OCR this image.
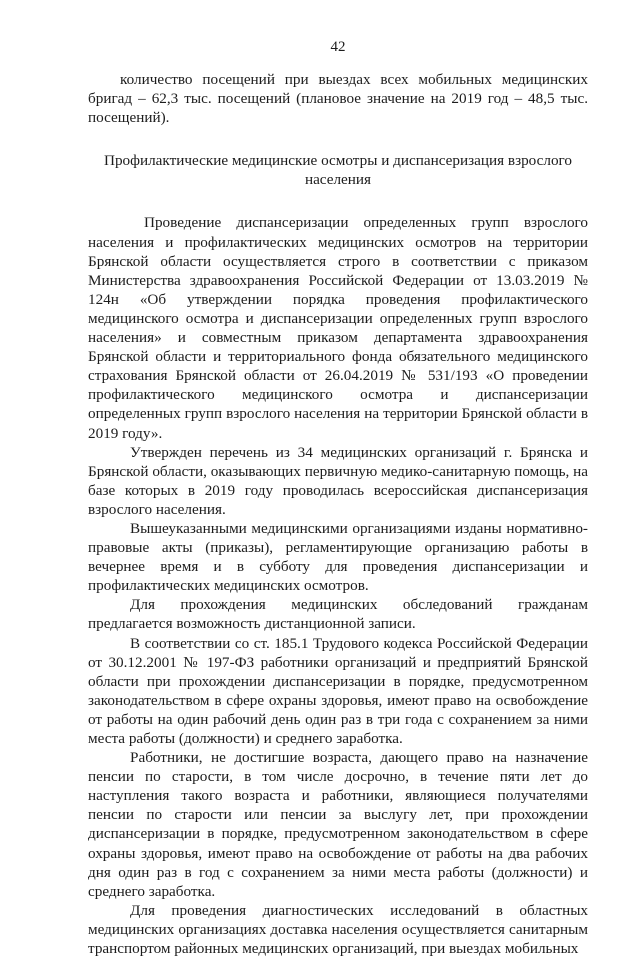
42

количество посещений при выездах всех мобильных медицинских бригад – 62,3 тыс. посещений (плановое значение на 2019 год – 48,5 тыс. посещений).

Профилактические медицинские осмотры и диспансеризация взрослого населения

Проведение диспансеризации определенных групп взрослого населения и профилактических медицинских осмотров на территории Брянской области осуществляется строго в соответствии с приказом Министерства здравоохранения Российской Федерации от 13.03.2019 № 124н «Об утверждении порядка проведения профилактического медицинского осмотра и диспансеризации определенных групп взрослого населения» и совместным приказом департамента здравоохранения Брянской области и территориального фонда обязательного медицинского страхования Брянской области от 26.04.2019 № 531/193 «О проведении профилактического медицинского осмотра и диспансеризации определенных групп взрослого населения на территории Брянской области в 2019 году».

Утвержден перечень из 34 медицинских организаций г. Брянска и Брянской области, оказывающих первичную медико-санитарную помощь, на базе которых в 2019 году проводилась всероссийская диспансеризация взрослого населения.

Вышеуказанными медицинскими организациями изданы нормативно-правовые акты (приказы), регламентирующие организацию работы в вечернее время и в субботу для проведения диспансеризации и профилактических медицинских осмотров.

Для прохождения медицинских обследований гражданам предлагается возможность дистанционной записи.

В соответствии со ст. 185.1 Трудового кодекса Российской Федерации от 30.12.2001 № 197-ФЗ работники организаций и предприятий Брянской области при прохождении диспансеризации в порядке, предусмотренном законодательством в сфере охраны здоровья, имеют право на освобождение от работы на один рабочий день один раз в три года с сохранением за ними места работы (должности) и среднего заработка.

Работники, не достигшие возраста, дающего право на назначение пенсии по старости, в том числе досрочно, в течение пяти лет до наступления такого возраста и работники, являющиеся получателями пенсии по старости или пенсии за выслугу лет, при прохождении диспансеризации в порядке, предусмотренном законодательством в сфере охраны здоровья, имеют право на освобождение от работы на два рабочих дня один раз в год с сохранением за ними места работы (должности) и среднего заработка.

Для проведения диагностических исследований в областных медицинских организациях доставка населения осуществляется санитарным транспортом районных медицинских организаций, при выездах мобильных
